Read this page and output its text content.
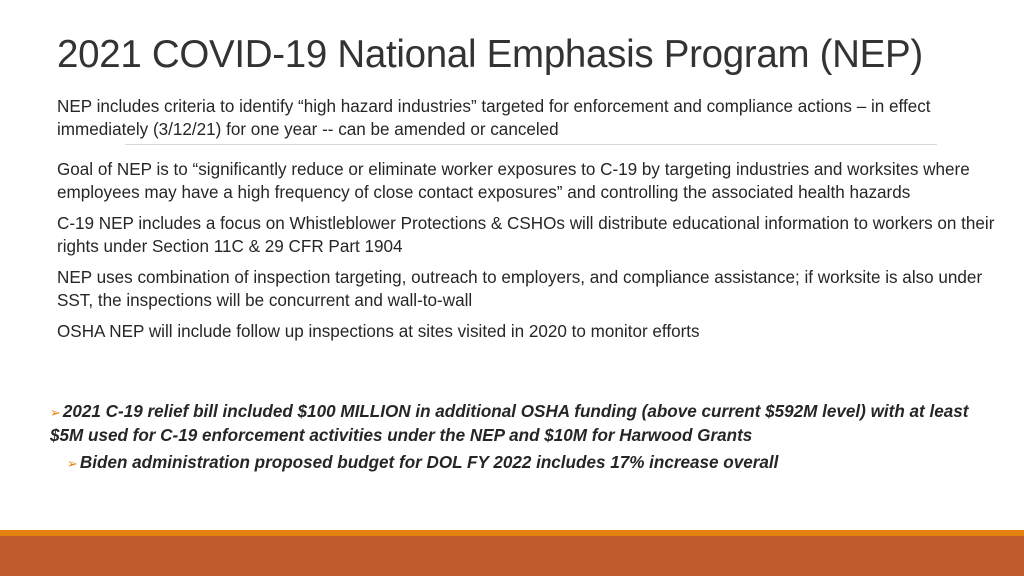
2021 COVID-19 National Emphasis Program (NEP)

NEP includes criteria to identify “high hazard industries” targeted for enforcement and compliance actions – in effect immediately (3/12/21) for one year -- can be amended or canceled

Goal of NEP is to “significantly reduce or eliminate worker exposures to C-19 by targeting industries and worksites where employees may have a high frequency of close contact exposures” and controlling the associated health hazards

C-19 NEP includes a focus on Whistleblower Protections & CSHOs will distribute educational information to workers on their rights under Section 11C & 29 CFR Part 1904

NEP uses combination of inspection targeting, outreach to employers, and compliance assistance; if worksite is also under SST, the inspections will be concurrent and wall-to-wall

OSHA NEP will include follow up inspections at sites visited in 2020 to monitor efforts

➢ 2021 C-19 relief bill included $100 MILLION in additional OSHA funding (above current $592M level) with at least $5M used for C-19 enforcement activities under the NEP and $10M for Harwood Grants

➢ Biden administration proposed budget for DOL FY 2022 includes 17% increase overall
